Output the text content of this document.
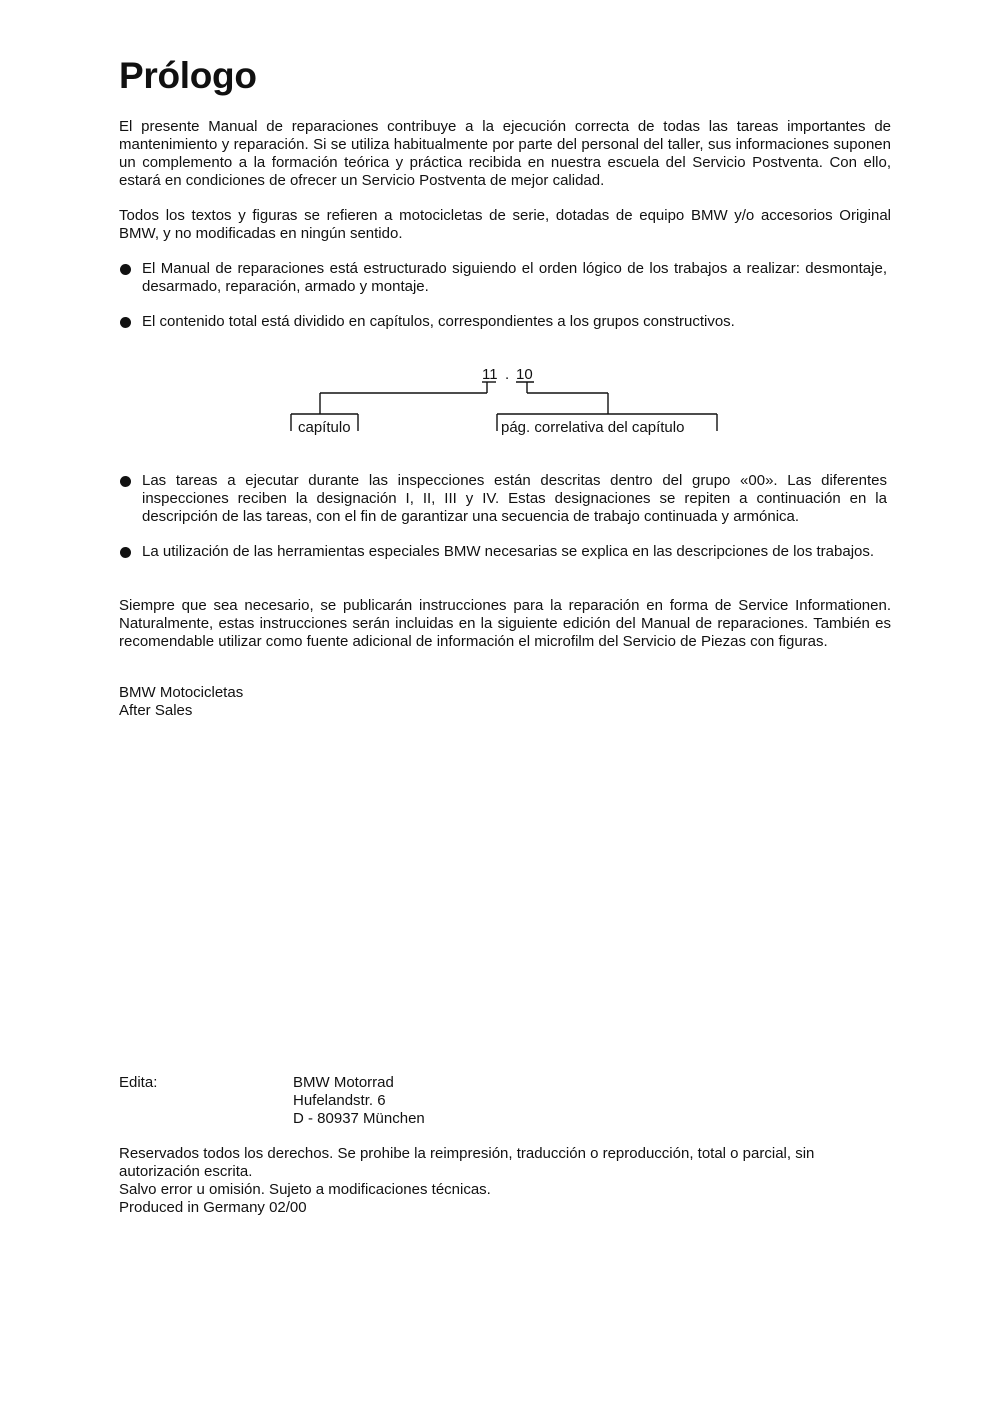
Prólogo

El presente Manual de reparaciones contribuye a la ejecución correcta de todas las tareas importantes de mantenimiento y reparación. Si se utiliza habitualmente por parte del personal del taller, sus informaciones suponen un complemento a la formación teórica y práctica recibida en nuestra escuela del Servicio Postventa. Con ello, estará en condiciones de ofrecer un Servicio Postventa de mejor calidad.

Todos los textos y figuras se refieren a motocicletas de serie, dotadas de equipo BMW y/o accesorios Original BMW, y no modificadas en ningún sentido.

El Manual de reparaciones está estructurado siguiendo el orden lógico de los trabajos a realizar: desmontaje, desarmado, reparación, armado y montaje.

El contenido total está dividido en capítulos, correspondientes a los grupos constructivos.

11 . 10
capítulo	pág. correlativa del capítulo

Las tareas a ejecutar durante las inspecciones están descritas dentro del grupo «00». Las diferentes inspecciones reciben la designación I, II, III y IV. Estas designaciones se repiten a continuación en la descripción de las tareas, con el fin de garantizar una secuencia de trabajo continuada y armónica.

La utilización de las herramientas especiales BMW necesarias se explica en las descripciones de los trabajos.

Siempre que sea necesario, se publicarán instrucciones para la reparación en forma de Service Informationen. Naturalmente, estas instrucciones serán incluidas en la siguiente edición del Manual de reparaciones. También es recomendable utilizar como fuente adicional de información el microfilm del Servicio de Piezas con figuras.

BMW Motocicletas
After Sales
Edita:	BMW Motorrad
Hufelandstr. 6
D - 80937 München
Reservados todos los derechos. Se prohibe la reimpresión, traducción o reproducción, total o parcial, sin autorización escrita.
Salvo error u omisión. Sujeto a modificaciones técnicas.
Produced in Germany 02/00
